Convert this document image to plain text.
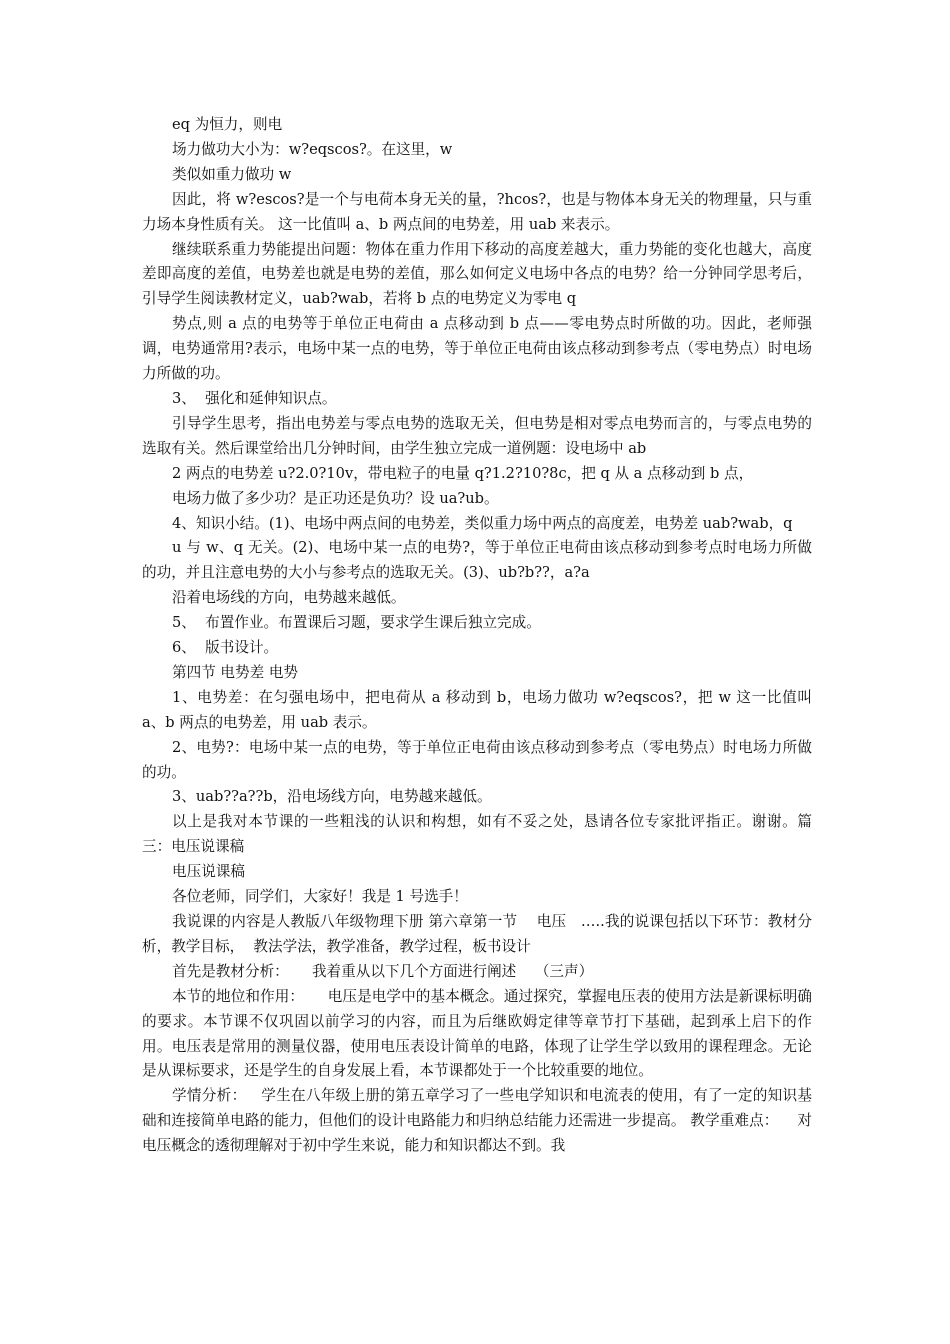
eq 为恒力，则电

场力做功大小为：w?eqscos?。在这里，w

类似如重力做功 w

因此，将 w?escos?是一个与电荷本身无关的量，?hcos?，也是与物体本身无关的物理量，只与重力场本身性质有关。 这一比值叫 a、b 两点间的电势差，用 uab 来表示。

继续联系重力势能提出问题：物体在重力作用下移动的高度差越大，重力势能的变化也越大，高度差即高度的差值，电势差也就是电势的差值，那么如何定义电场中各点的电势？给一分钟同学思考后，引导学生阅读教材定义，uab?wab，若将 b 点的电势定义为零电 q

势点,则 a 点的电势等于单位正电荷由 a 点移动到 b 点——零电势点时所做的功。因此，老师强调，电势通常用?表示，电场中某一点的电势，等于单位正电荷由该点移动到参考点（零电势点）时电场力所做的功。

3、  强化和延伸知识点。

引导学生思考，指出电势差与零点电势的选取无关，但电势是相对零点电势而言的，与零点电势的选取有关。然后课堂给出几分钟时间，由学生独立完成一道例题：设电场中 ab

2 两点的电势差 u?2.0?10v，带电粒子的电量 q?1.2?10?8c，把 q 从 a 点移动到 b 点，

电场力做了多少功？是正功还是负功？设 ua?ub。

4、知识小结。(1)、电场中两点间的电势差，类似重力场中两点的高度差，电势差 uab?wab，q

u 与 w、q 无关。(2)、电场中某一点的电势?，等于单位正电荷由该点移动到参考点时电场力所做的功，并且注意电势的大小与参考点的选取无关。(3)、ub?b??，a?a

沿着电场线的方向，电势越来越低。

5、  布置作业。布置课后习题，要求学生课后独立完成。

6、  版书设计。

第四节 电势差 电势

1、电势差：在匀强电场中，把电荷从 a 移动到 b，电场力做功 w?eqscos?，把 w 这一比值叫 a、b 两点的电势差，用 uab 表示。

2、电势?：电场中某一点的电势，等于单位正电荷由该点移动到参考点（零电势点）时电场力所做的功。

3、uab??a??b，沿电场线方向，电势越来越低。

以上是我对本节课的一些粗浅的认识和构想，如有不妥之处，恳请各位专家批评指正。谢谢。篇三：电压说课稿

电压说课稿

各位老师，同学们，大家好！我是 1 号选手！

我说课的内容是人教版八年级物理下册 第六章第一节    电压   …..我的说课包括以下环节：教材分析，教学目标，  教法学法，教学准备，教学过程，板书设计

首先是教材分析：     我着重从以下几个方面进行阐述    （三声）

本节的地位和作用：     电压是电学中的基本概念。通过探究，掌握电压表的使用方法是新课标明确的要求。本节课不仅巩固以前学习的内容，而且为后继欧姆定律等章节打下基础，起到承上启下的作用。电压表是常用的测量仪器，使用电压表设计简单的电路，体现了让学生学以致用的课程理念。无论是从课标要求，还是学生的自身发展上看，本节课都处于一个比较重要的地位。

学情分析：   学生在八年级上册的第五章学习了一些电学知识和电流表的使用，有了一定的知识基础和连接简单电路的能力，但他们的设计电路能力和归纳总结能力还需进一步提高。 教学重难点：    对电压概念的透彻理解对于初中学生来说，能力和知识都达不到。我
